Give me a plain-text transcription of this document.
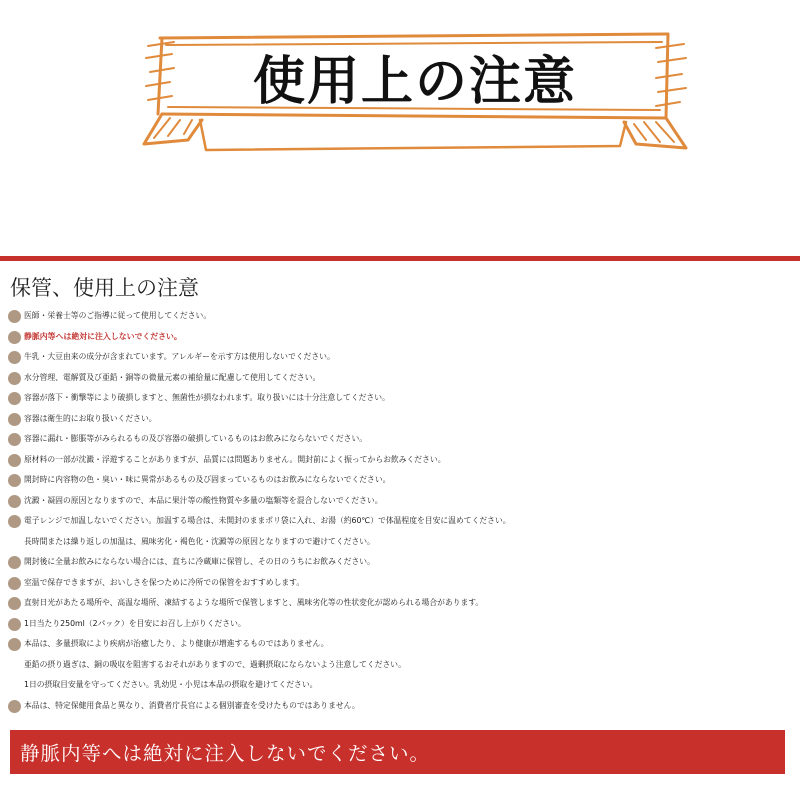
使用上の注意
保管、使用上の注意
医師・栄養士等のご指導に従って使用してください。
静脈内等へは絶対に注入しないでください。
牛乳・大豆由来の成分が含まれています。アレルギーを示す方は使用しないでください。
水分管理、電解質及び亜鉛・銅等の微量元素の補給量に配慮して使用してください。
容器が落下・衝撃等により破損しますと、無菌性が損なわれます。取り扱いには十分注意してください。
容器は衛生的にお取り扱いください。
容器に漏れ・膨脹等がみられるもの及び容器の破損しているものはお飲みにならないでください。
原材料の一部が沈澱・浮遊することがありますが、品質には問題ありません。開封前によく振ってからお飲みください。
開封時に内容物の色・臭い・味に異常があるもの及び固まっているものはお飲みにならないでください。
沈澱・凝固の原因となりますので、本品に果汁等の酸性物質や多量の塩類等を混合しないでください。
電子レンジで加温しないでください。加温する場合は、未開封のままポリ袋に入れ、お湯（約60℃）で体温程度を目安に温めてください。
長時間または繰り返しの加温は、風味劣化・褐色化・沈澱等の原因となりますので避けてください。
開封後に全量お飲みにならない場合には、直ちに冷蔵庫に保管し、その日のうちにお飲みください。
室温で保存できますが、おいしさを保つために冷所での保管をおすすめします。
直射日光があたる場所や、高温な場所、凍結するような場所で保管しますと、風味劣化等の性状変化が認められる場合があります。
1日当たり250ml（2パック）を目安にお召し上がりください。
本品は、多量摂取により疾病が治癒したり、より健康が増進するものではありません。
亜鉛の摂り過ぎは、銅の吸収を阻害するおそれがありますので、過剰摂取にならないよう注意してください。
1日の摂取目安量を守ってください。乳幼児・小児は本品の摂取を避けてください。
本品は、特定保健用食品と異なり、消費者庁長官による個別審査を受けたものではありません。
静脈内等へは絶対に注入しないでください。
